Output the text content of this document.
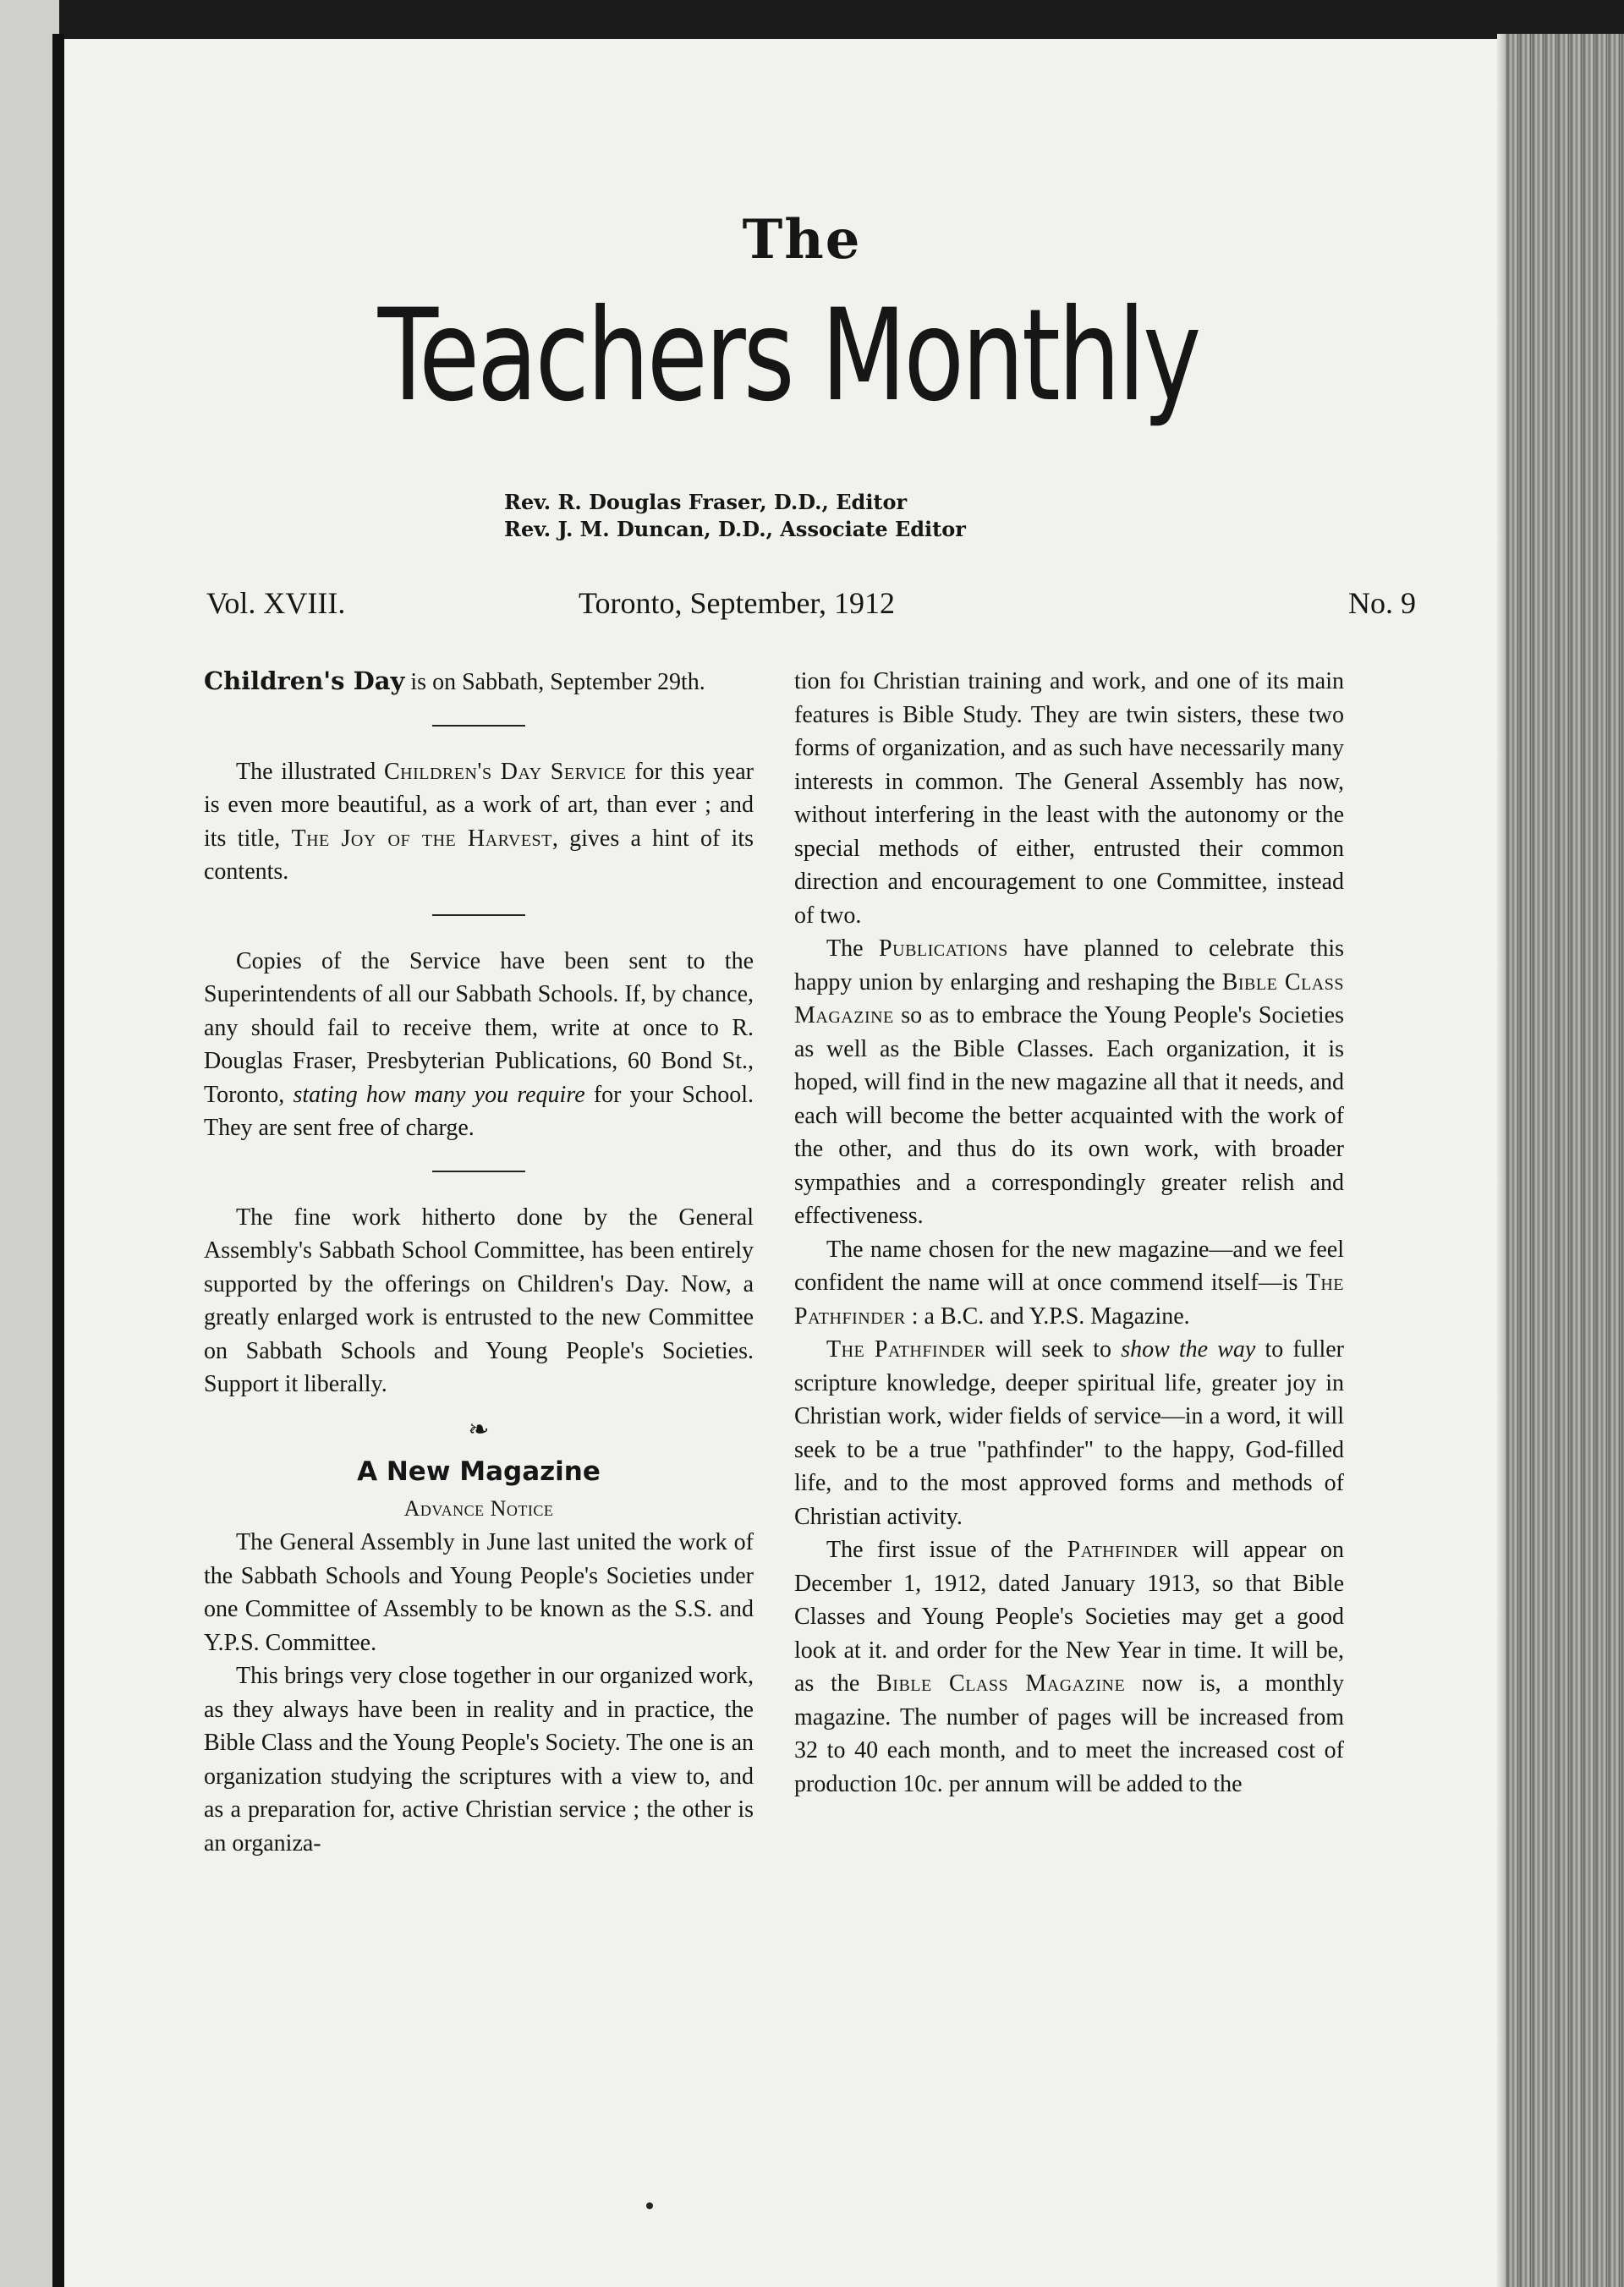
The
Teachers Monthly
Rev. R. Douglas Fraser, D.D., Editor
Rev. J. M. Duncan, D.D., Associate Editor
Vol. XVIII.	Toronto, September, 1912	No. 9

Children's Day is on Sabbath, September 29th.

The illustrated Children's Day Service for this year is even more beautiful, as a work of art, than ever ; and its title, The Joy of the Harvest, gives a hint of its contents.

Copies of the Service have been sent to the Superintendents of all our Sabbath Schools. If, by chance, any should fail to receive them, write at once to R. Douglas Fraser, Presbyterian Publications, 60 Bond St., Toronto, stating how many you require for your School. They are sent free of charge.

The fine work hitherto done by the General Assembly's Sabbath School Committee, has been entirely supported by the offerings on Children's Day. Now, a greatly enlarged work is entrusted to the new Committee on Sabbath Schools and Young People's Societies. Support it liberally.

❧
A New Magazine
Advance Notice

The General Assembly in June last united the work of the Sabbath Schools and Young People's Societies under one Committee of Assembly to be known as the S.S. and Y.P.S. Committee.

This brings very close together in our organized work, as they always have been in reality and in practice, the Bible Class and the Young People's Society. The one is an organization studying the scriptures with a view to, and as a preparation for, active Christian service ; the other is an organiza-

tion foı Christian training and work, and one of its main features is Bible Study. They are twin sisters, these two forms of organization, and as such have necessarily many interests in common. The General Assembly has now, without interfering in the least with the autonomy or the special methods of either, entrusted their common direction and encouragement to one Committee, instead of two.

The Publications have planned to celebrate this happy union by enlarging and reshaping the Bible Class Magazine so as to embrace the Young People's Societies as well as the Bible Classes. Each organization, it is hoped, will find in the new magazine all that it needs, and each will become the better acquainted with the work of the other, and thus do its own work, with broader sympathies and a correspondingly greater relish and effectiveness.

The name chosen for the new magazine—and we feel confident the name will at once commend itself—is The Pathfinder : a B.C. and Y.P.S. Magazine.

The Pathfinder will seek to show the way to fuller scripture knowledge, deeper spiritual life, greater joy in Christian work, wider fields of service—in a word, it will seek to be a true "pathfinder" to the happy, God-filled life, and to the most approved forms and methods of Christian activity.

The first issue of the Pathfinder will appear on December 1, 1912, dated January 1913, so that Bible Classes and Young People's Societies may get a good look at it. and order for the New Year in time. It will be, as the Bible Class Magazine now is, a monthly magazine. The number of pages will be increased from 32 to 40 each month, and to meet the increased cost of production 10c. per annum will be added to the
